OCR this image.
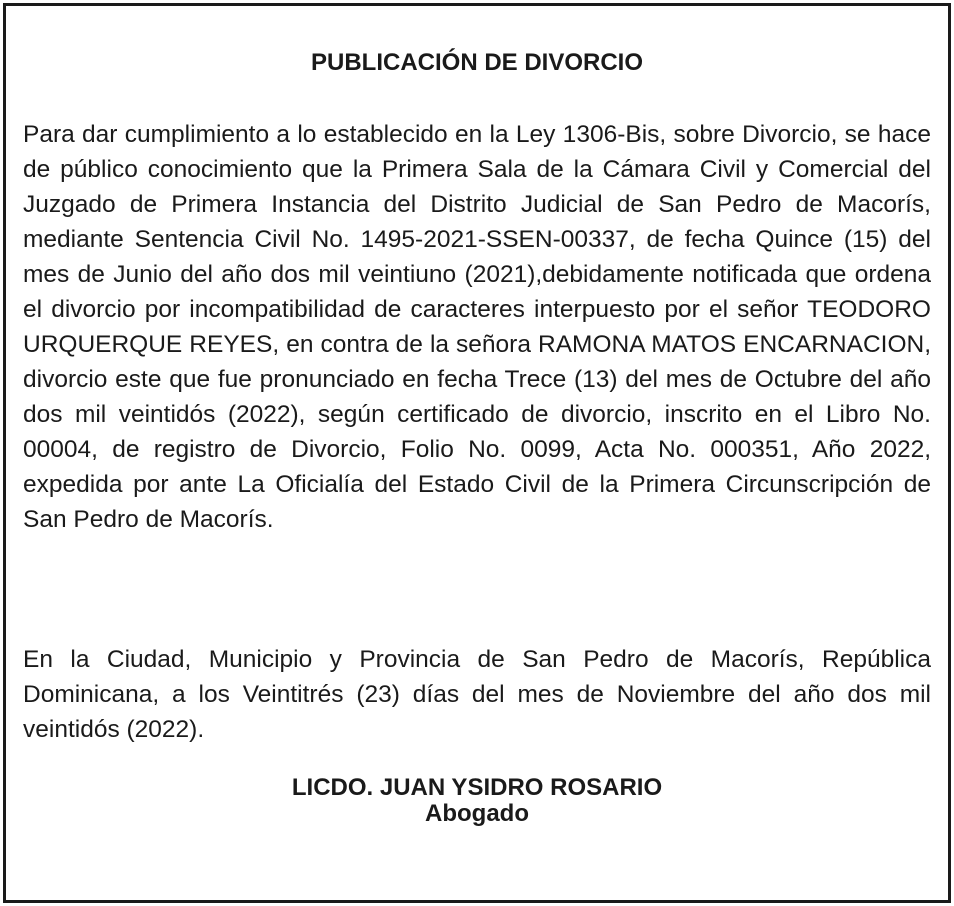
PUBLICACIÓN DE DIVORCIO

Para dar cumplimiento a lo establecido en la Ley 1306-Bis, sobre Divorcio, se hace de público conocimiento que la Primera Sala de la Cámara Civil y Comercial del Juzgado de Primera Instancia del Distrito Judicial de San Pedro de Macorís, mediante Sentencia Civil No. 1495-2021-SSEN-00337, de fecha Quince (15) del mes de Junio del año dos mil veintiuno (2021),debidamente notificada que ordena el divorcio por incompatibilidad de caracteres interpuesto por el señor TEODORO URQUERQUE REYES, en contra de la señora RAMONA MATOS ENCARNACION, divorcio este que fue pronunciado en fecha Trece (13) del mes de Octubre del año dos mil veintidós (2022), según certificado de divorcio, inscrito en el Libro No. 00004, de registro de Divorcio, Folio No. 0099, Acta No. 000351, Año 2022, expedida por ante La Oficialía del Estado Civil de la Primera Circunscripción de San Pedro de Macorís.

En la Ciudad, Municipio y Provincia de San Pedro de Macorís, República Dominicana, a los Veintitrés (23) días del mes de Noviembre del año dos mil veintidós (2022).

LICDO. JUAN YSIDRO ROSARIO
Abogado
